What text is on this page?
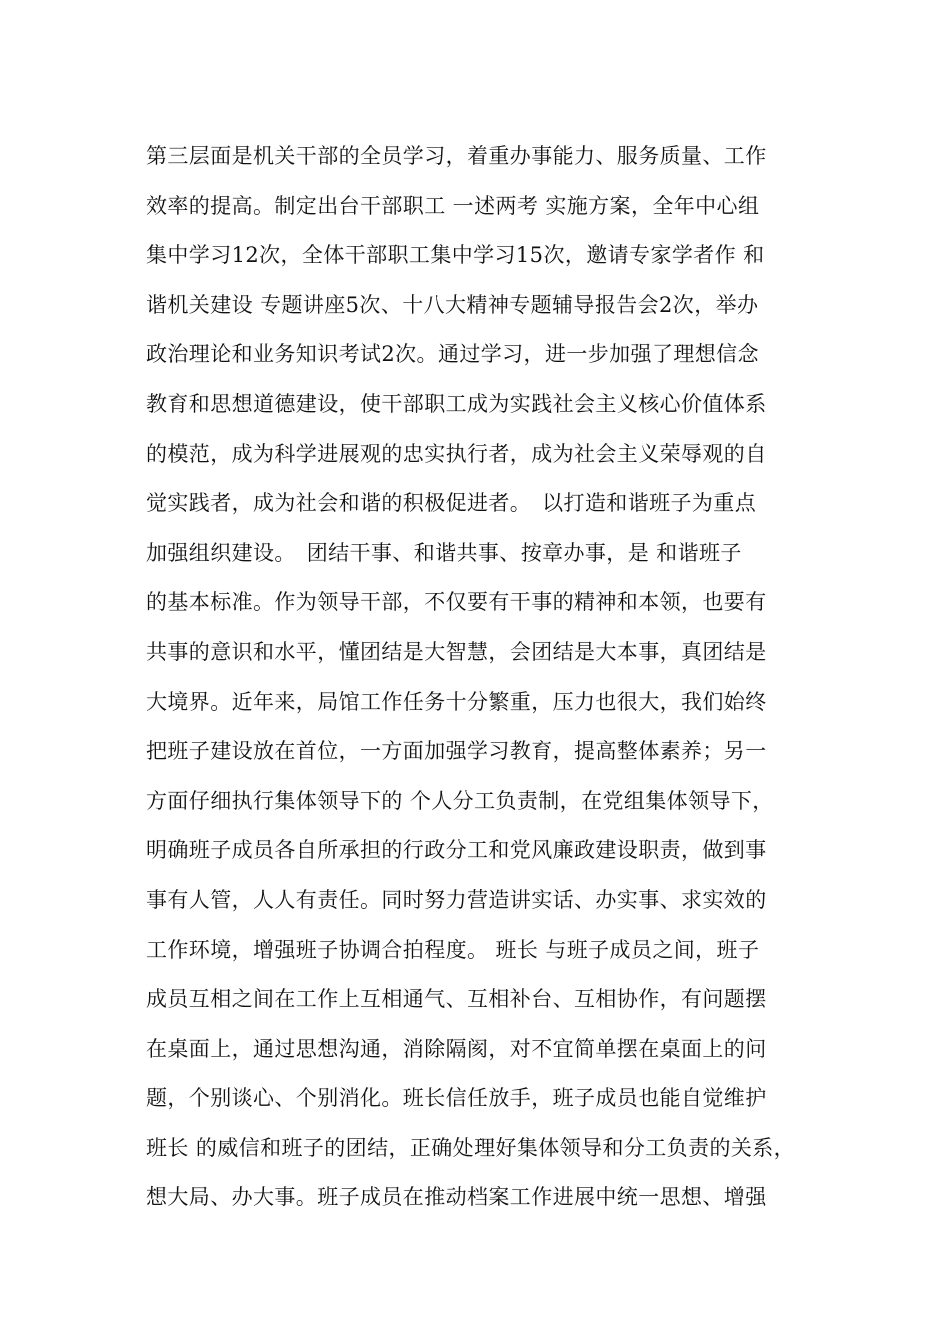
第三层面是机关干部的全员学习，着重办事能力、服务质量、工作
效率的提高。制定出台干部职工 一述两考 实施方案，全年中心组
集中学习12次，全体干部职工集中学习15次，邀请专家学者作 和
谐机关建设 专题讲座5次、十八大精神专题辅导报告会2次，举办
政治理论和业务知识考试2次。通过学习，进一步加强了理想信念
教育和思想道德建设，使干部职工成为实践社会主义核心价值体系
的模范，成为科学进展观的忠实执行者，成为社会主义荣辱观的自
觉实践者，成为社会和谐的积极促进者。　以打造和谐班子为重点
加强组织建设。　团结干事、和谐共事、按章办事，是 和谐班子
的基本标准。作为领导干部，不仅要有干事的精神和本领，也要有
共事的意识和水平，懂团结是大智慧，会团结是大本事，真团结是
大境界。近年来，局馆工作任务十分繁重，压力也很大，我们始终
把班子建设放在首位，一方面加强学习教育，提高整体素养；另一
方面仔细执行集体领导下的 个人分工负责制，在党组集体领导下，
明确班子成员各自所承担的行政分工和党风廉政建设职责，做到事
事有人管，人人有责任。同时努力营造讲实话、办实事、求实效的
工作环境，增强班子协调合拍程度。 班长 与班子成员之间，班子
成员互相之间在工作上互相通气、互相补台、互相协作，有问题摆
在桌面上，通过思想沟通，消除隔阂，对不宜简单摆在桌面上的问
题，个别谈心、个别消化。班长信任放手，班子成员也能自觉维护
班长 的威信和班子的团结，正确处理好集体领导和分工负责的关系，
想大局、办大事。班子成员在推动档案工作进展中统一思想、增强
